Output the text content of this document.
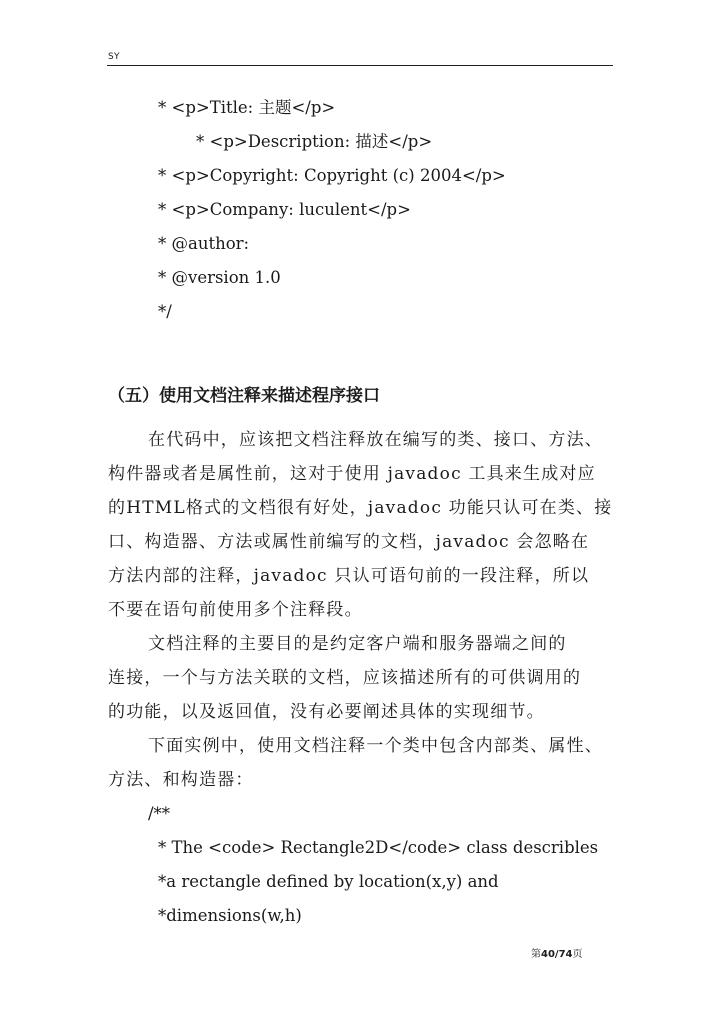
SY
* <p>Title: 主题</p>
* <p>Description: 描述</p>
* <p>Copyright: Copyright (c) 2004</p>
* <p>Company: luculent</p>
* @author:
* @version 1.0
*/
（五）使用文档注释来描述程序接口
在代码中，应该把文档注释放在编写的类、接口、方法、
构件器或者是属性前，这对于使用 javadoc 工具来生成对应
的HTML格式的文档很有好处，javadoc 功能只认可在类、接
口、构造器、方法或属性前编写的文档，javadoc 会忽略在
方法内部的注释，javadoc 只认可语句前的一段注释，所以
不要在语句前使用多个注释段。
文档注释的主要目的是约定客户端和服务器端之间的
连接，一个与方法关联的文档，应该描述所有的可供调用的
的功能，以及返回值，没有必要阐述具体的实现细节。
下面实例中，使用文档注释一个类中包含内部类、属性、
方法、和构造器：
/**
* The <code> Rectangle2D</code> class describles
*a rectangle defined by location(x,y) and
*dimensions(w,h)
第40/74页
